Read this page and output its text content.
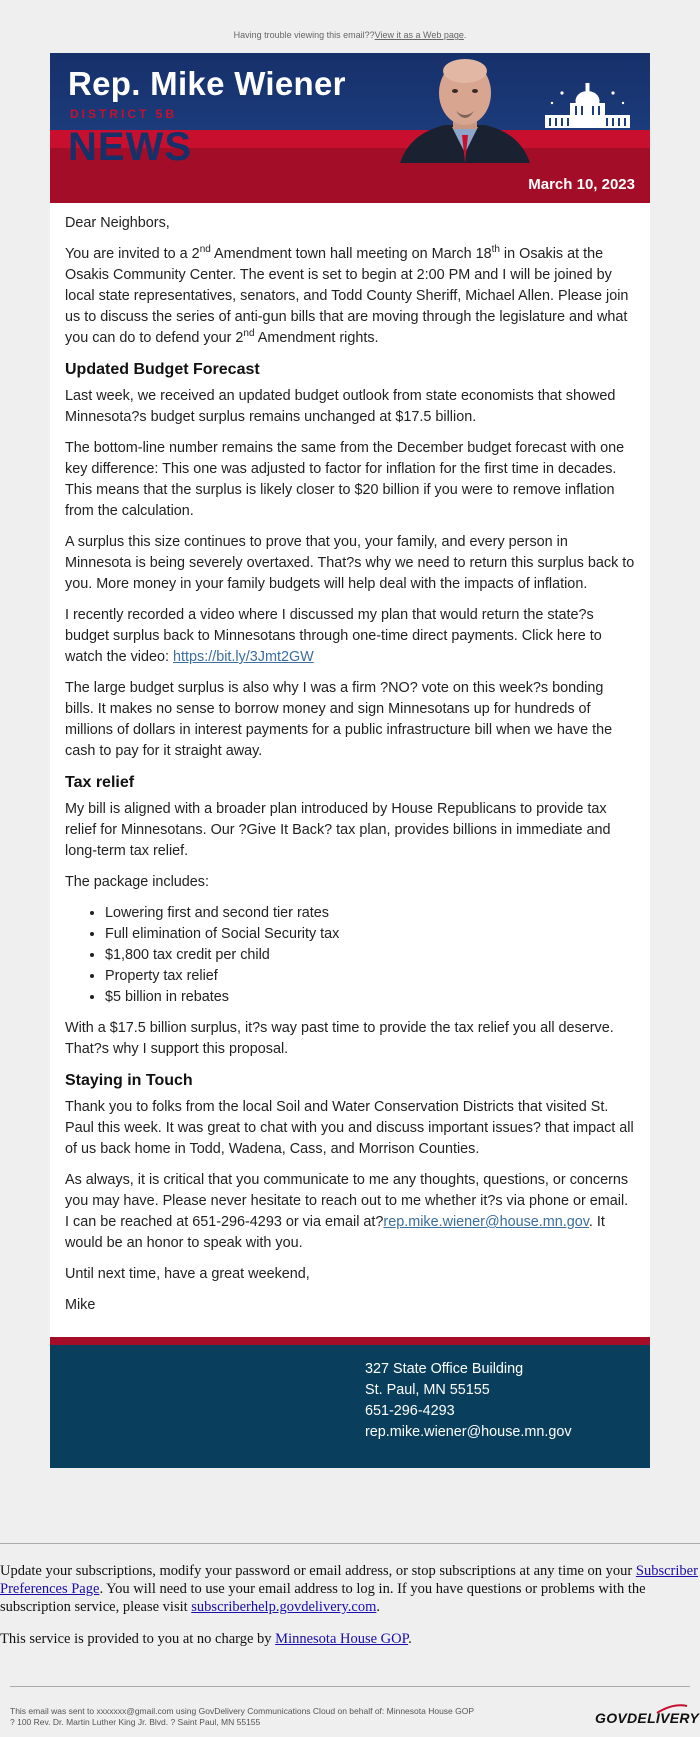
Having trouble viewing this email??View it as a Web page.
Rep. Mike Wiener
DISTRICT 5B
NEWS
March 10, 2023

Dear Neighbors,

You are invited to a 2nd Amendment town hall meeting on March 18th in Osakis at the Osakis Community Center. The event is set to begin at 2:00 PM and I will be joined by local state representatives, senators, and Todd County Sheriff, Michael Allen. Please join us to discuss the series of anti-gun bills that are moving through the legislature and what you can do to defend your 2nd Amendment rights.

Updated Budget Forecast

Last week, we received an updated budget outlook from state economists that showed Minnesota?s budget surplus remains unchanged at $17.5 billion.

The bottom-line number remains the same from the December budget forecast with one key difference: This one was adjusted to factor for inflation for the first time in decades. This means that the surplus is likely closer to $20 billion if you were to remove inflation from the calculation.

A surplus this size continues to prove that you, your family, and every person in Minnesota is being severely overtaxed. That?s why we need to return this surplus back to you. More money in your family budgets will help deal with the impacts of inflation.

I recently recorded a video where I discussed my plan that would return the state?s budget surplus back to Minnesotans through one-time direct payments. Click here to watch the video: https://bit.ly/3Jmt2GW

The large budget surplus is also why I was a firm ?NO? vote on this week?s bonding bills. It makes no sense to borrow money and sign Minnesotans up for hundreds of millions of dollars in interest payments for a public infrastructure bill when we have the cash to pay for it straight away.

Tax relief

My bill is aligned with a broader plan introduced by House Republicans to provide tax relief for Minnesotans. Our ?Give It Back? tax plan, provides billions in immediate and long-term tax relief.

The package includes:

• Lowering first and second tier rates
• Full elimination of Social Security tax
• $1,800 tax credit per child
• Property tax relief
• $5 billion in rebates

With a $17.5 billion surplus, it?s way past time to provide the tax relief you all deserve. That?s why I support this proposal.

Staying in Touch

Thank you to folks from the local Soil and Water Conservation Districts that visited St. Paul this week. It was great to chat with you and discuss important issues? that impact all of us back home in Todd, Wadena, Cass, and Morrison Counties.

As always, it is critical that you communicate to me any thoughts, questions, or concerns you may have. Please never hesitate to reach out to me whether it?s via phone or email. I can be reached at 651-296-4293 or via email at?rep.mike.wiener@house.mn.gov. It would be an honor to speak with you.

Until next time, have a great weekend,

Mike

327 State Office Building
St. Paul, MN 55155
651-296-4293
rep.mike.wiener@house.mn.gov

Update your subscriptions, modify your password or email address, or stop subscriptions at any time on your Subscriber Preferences Page. You will need to use your email address to log in. If you have questions or problems with the subscription service, please visit subscriberhelp.govdelivery.com.

This service is provided to you at no charge by Minnesota House GOP.

This email was sent to xxxxxxx@gmail.com using GovDelivery Communications Cloud on behalf of: Minnesota House GOP ? 100 Rev. Dr. Martin Luther King Jr. Blvd. ? Saint Paul, MN 55155	GOVDELIVERY
